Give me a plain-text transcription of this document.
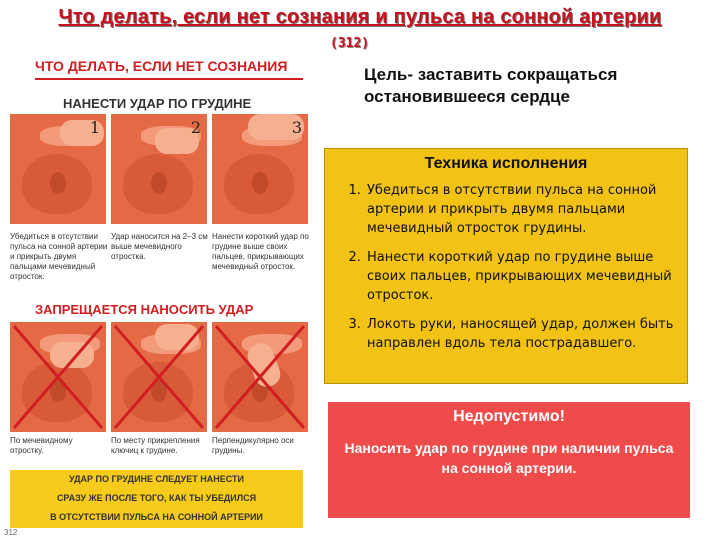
Что делать, если нет сознания и пульса на сонной артерии
(312)
ЧТО ДЕЛАТЬ, ЕСЛИ НЕТ СОЗНАНИЯ
НАНЕСТИ УДАР ПО ГРУДИНЕ
1	2	3
Убедиться в отсутствии пульса на сонной артерии и прикрыть двумя пальцами мечевидный отросток.
Удар наносится на 2–3 см выше мечевидного отростка.
Нанести короткий удар по грудине выше своих пальцев, прикрывающих мечевидный отросток.
ЗАПРЕЩАЕТСЯ НАНОСИТЬ УДАР
По мечевидному отростку.
По месту прикрепления ключиц к грудине.
Перпендикулярно оси грудины.
УДАР ПО ГРУДИНЕ СЛЕДУЕТ НАНЕСТИ
СРАЗУ ЖЕ ПОСЛЕ ТОГО, КАК ТЫ УБЕДИЛСЯ
В ОТСУТСТВИИ ПУЛЬСА НА СОННОЙ АРТЕРИИ
312
Цель- заставить сокращаться остановившееся сердце
Техника исполнения
1. Убедиться в отсутствии пульса на сонной артерии и прикрыть двумя пальцами мечевидный отросток грудины.
2. Нанести короткий удар по грудине выше своих пальцев, прикрывающих мечевидный отросток.
3. Локоть руки, наносящей удар, должен быть направлен вдоль тела пострадавшего.
Недопустимо!
Наносить удар по грудине при наличии пульса на сонной артерии.
